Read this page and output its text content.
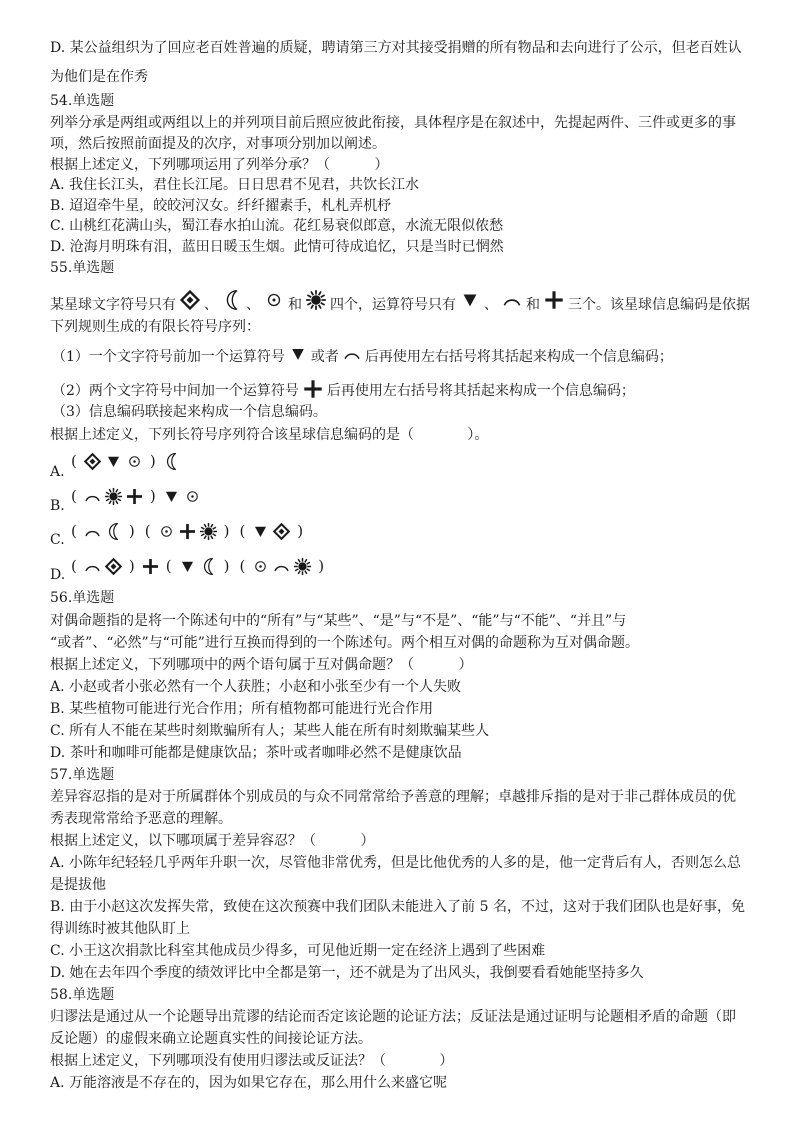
D. 某公益组织为了回应老百姓普遍的质疑，聘请第三方对其接受捐赠的所有物品和去向进行了公示，但老百姓认
为他们是在作秀
54.单选题
列举分承是两组或两组以上的并列项目前后照应彼此衔接，具体程序是在叙述中，先提起两件、三件或更多的事
项，然后按照前面提及的次序，对事项分别加以阐述。
根据上述定义，下列哪项运用了列举分承？（          ）
A. 我住长江头，君住长江尾。日日思君不见君，共饮长江水
B. 迢迢牵牛星，皎皎河汉女。纤纤擢素手，札札弄机杼
C. 山桃红花满山头，蜀江春水拍山流。花红易衰似郎意，水流无限似侬愁
D. 沧海月明珠有泪，蓝田日暖玉生烟。此情可待成追忆，只是当时已惘然
55.单选题
某星球文字符号只有 、 、 和 四个，运算符号只有 、 和 三个。该星球信息编码是依据
下列规则生成的有限长符号序列：
（1）一个文字符号前加一个运算符号 或者 后再使用左右括号将其括起来构成一个信息编码；
（2）两个文字符号中间加一个运算符号 后再使用左右括号将其括起来构成一个信息编码；
（3）信息编码联接起来构成一个信息编码。
根据上述定义，下列长符号序列符合该星球信息编码的是（            ）。
A.
(	)
B.
(	)
C. (	) (	) (	)
D. (	)	(	) (	)
56.单选题
对偶命题指的是将一个陈述句中的“所有”与“某些”、“是”与“不是”、“能”与“不能”、“并且”与
“或者”、“必然”与“可能”进行互换而得到的一个陈述句。两个相互对偶的命题称为互对偶命题。
根据上述定义，下列哪项中的两个语句属于互对偶命题？（          ）
A. 小赵或者小张必然有一个人获胜；小赵和小张至少有一个人失败
B. 某些植物可能进行光合作用；所有植物都可能进行光合作用
C. 所有人不能在某些时刻欺骗所有人；某些人能在所有时刻欺骗某些人
D. 茶叶和咖啡可能都是健康饮品；茶叶或者咖啡必然不是健康饮品
57.单选题
差异容忍指的是对于所属群体个别成员的与众不同常常给予善意的理解；卓越排斥指的是对于非己群体成员的优
秀表现常常给予恶意的理解。
根据上述定义，以下哪项属于差异容忍？（          ）
A. 小陈年纪轻轻几乎两年升职一次，尽管他非常优秀，但是比他优秀的人多的是，他一定背后有人，否则怎么总
是提拔他
B. 由于小赵这次发挥失常，致使在这次预赛中我们团队未能进入了前 5 名，不过，这对于我们团队也是好事，免
得训练时被其他队盯上
C. 小王这次捐款比科室其他成员少得多，可见他近期一定在经济上遇到了些困难
D. 她在去年四个季度的绩效评比中全都是第一，还不就是为了出风头，我倒要看看她能坚持多久
58.单选题
归谬法是通过从一个论题导出荒谬的结论而否定该论题的论证方法；反证法是通过证明与论题相矛盾的命题（即
反论题）的虚假来确立论题真实性的间接论证方法。
根据上述定义，下列哪项没有使用归谬法或反证法？（            ）
A. 万能溶液是不存在的，因为如果它存在，那么用什么来盛它呢
